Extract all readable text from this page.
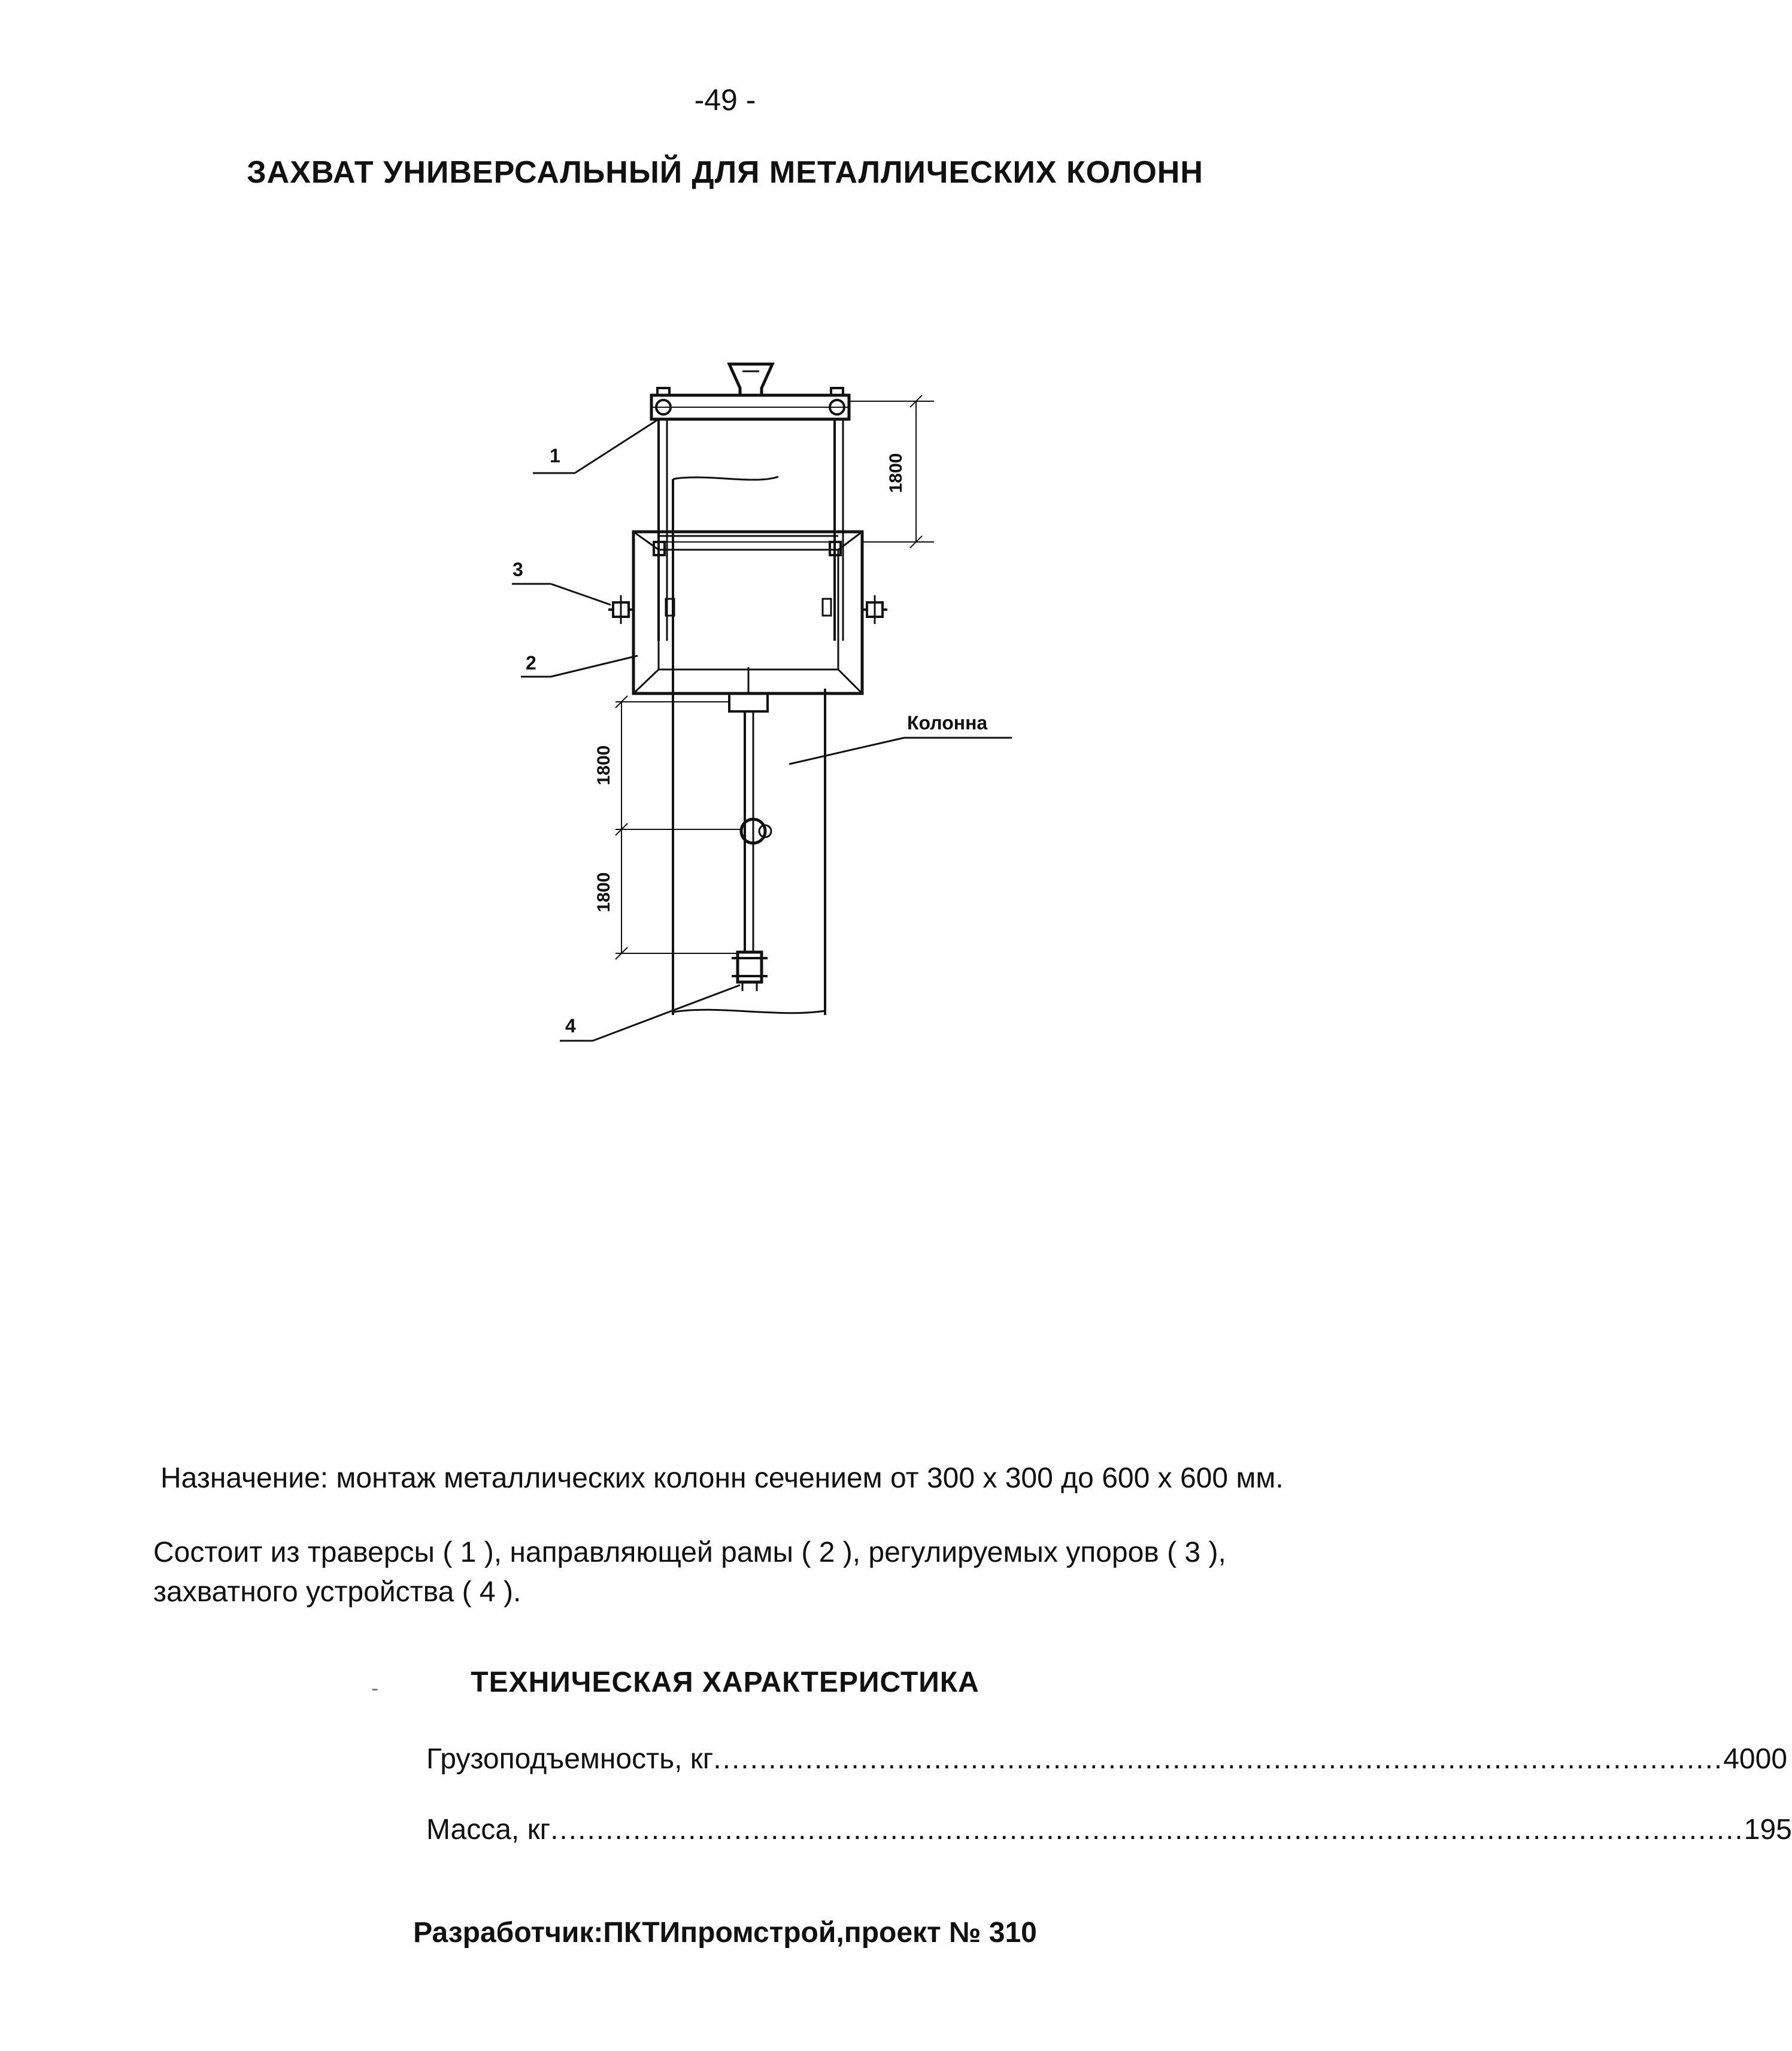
-49 -
ЗАХВАТ УНИВЕРСАЛЬНЫЙ ДЛЯ МЕТАЛЛИЧЕСКИХ КОЛОНН
1
3
2
4
Колонна
1800
1800
1800
Назначение: монтаж металлических колонн сечением от 300 х 300 до 600 х 600 мм.
Состоит из траверсы ( 1 ), направляющей рамы ( 2 ), регулируемых упоров ( 3 ), захватного устройства ( 4 ).
-	ТЕХНИЧЕСКАЯ ХАРАКТЕРИСТИКА
Грузоподъемность, кг .............................................................................................................. 4000
Масса, кг .................................................................................................................................. 195
Разработчик:ПКТИпромстрой,проект № 310
